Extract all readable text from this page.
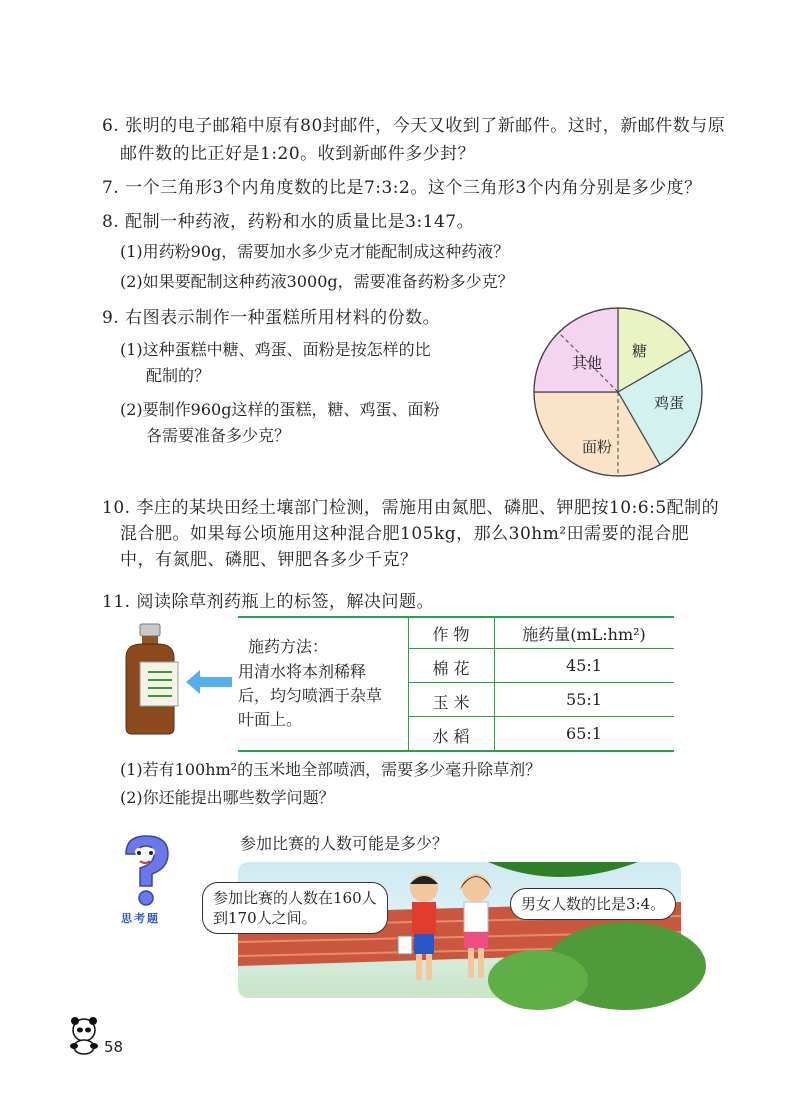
6. 张明的电子邮箱中原有80封邮件，今天又收到了新邮件。这时，新邮件数与原
邮件数的比正好是1:20。收到新邮件多少封？
7. 一个三角形3个内角度数的比是7:3:2。这个三角形3个内角分别是多少度？
8. 配制一种药液，药粉和水的质量比是3:147。
(1)用药粉90g，需要加水多少克才能配制成这种药液？
(2)如果要配制这种药液3000g，需要准备药粉多少克？
9. 右图表示制作一种蛋糕所用材料的份数。
(1)这种蛋糕中糖、鸡蛋、面粉是按怎样的比
配制的？
(2)要制作960g这样的蛋糕，糖、鸡蛋、面粉
各需要准备多少克？
糖
鸡蛋
面粉
其他
10. 李庄的某块田经土壤部门检测，需施用由氮肥、磷肥、钾肥按10:6:5配制的
混合肥。如果每公顷施用这种混合肥105kg，那么30hm²田需要的混合肥
中，有氮肥、磷肥、钾肥各多少千克？
11. 阅读除草剂药瓶上的标签，解决问题。
施药方法：
用清水将本剂稀释
后，均匀喷洒于杂草
叶面上。
作 物	施药量(mL:hm²)
棉 花	45:1
玉 米	55:1
水 稻	65:1
(1)若有100hm²的玉米地全部喷洒，需要多少毫升除草剂？
(2)你还能提出哪些数学问题？
思考题
参加比赛的人数可能是多少？
参加比赛的人数在160人
到170人之间。
男女人数的比是3:4。
58
